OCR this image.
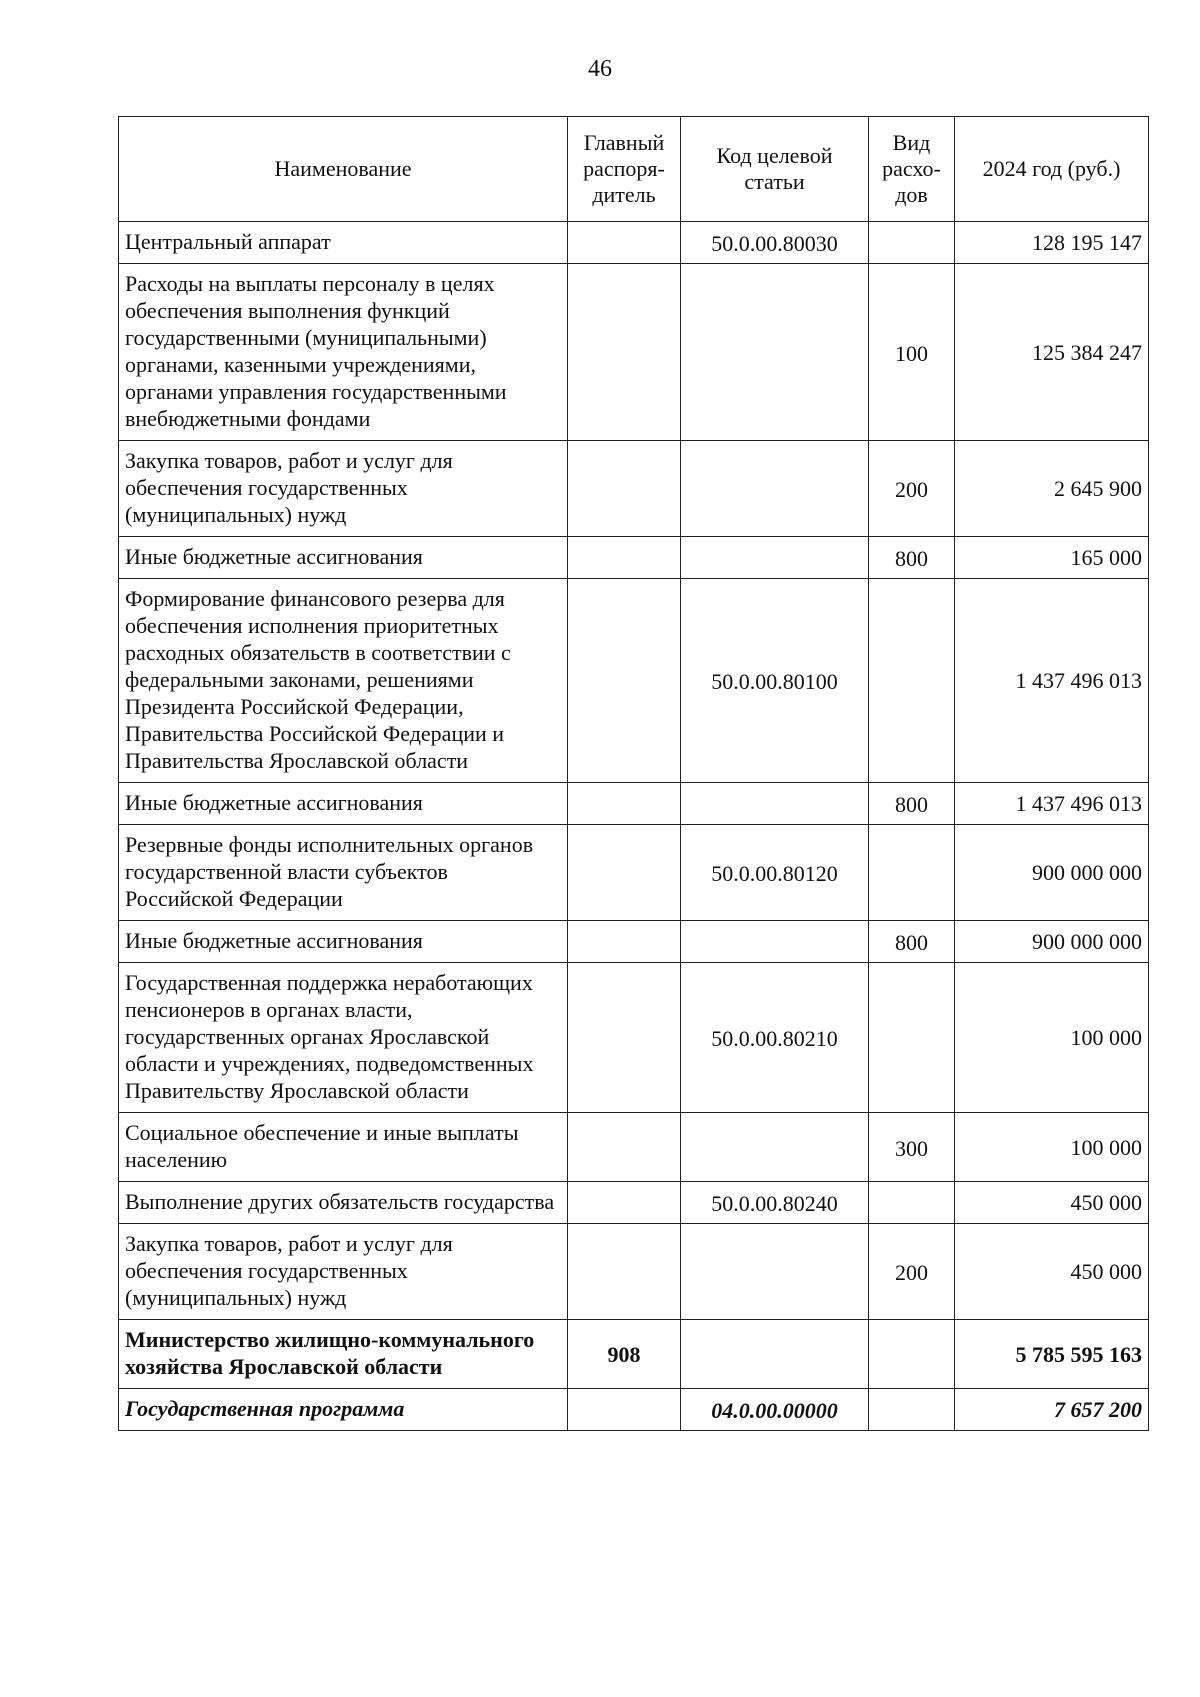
46
Наименование	Главный распоря-дитель	Код целевой статьи	Вид расхо-дов	2024 год (руб.)
Центральный аппарат		50.0.00.80030		128 195 147
Расходы на выплаты персоналу в целях обеспечения выполнения функций государственными (муниципальными) органами, казенными учреждениями, органами управления государственными внебюджетными фондами			100	125 384 247
Закупка товаров, работ и услуг для обеспечения государственных (муниципальных) нужд			200	2 645 900
Иные бюджетные ассигнования			800	165 000
Формирование финансового резерва для обеспечения исполнения приоритетных расходных обязательств в соответствии с федеральными законами, решениями Президента Российской Федерации, Правительства Российской Федерации и Правительства Ярославской области		50.0.00.80100		1 437 496 013
Иные бюджетные ассигнования			800	1 437 496 013
Резервные фонды исполнительных органов государственной власти субъектов Российской Федерации		50.0.00.80120		900 000 000
Иные бюджетные ассигнования			800	900 000 000
Государственная поддержка неработающих пенсионеров в органах власти, государственных органах Ярославской области и учреждениях, подведомственных Правительству Ярославской области		50.0.00.80210		100 000
Социальное обеспечение и иные выплаты населению			300	100 000
Выполнение других обязательств государства		50.0.00.80240		450 000
Закупка товаров, работ и услуг для обеспечения государственных (муниципальных) нужд			200	450 000
Министерство жилищно-коммунального хозяйства Ярославской области	908			5 785 595 163
Государственная программа		04.0.00.00000		7 657 200
